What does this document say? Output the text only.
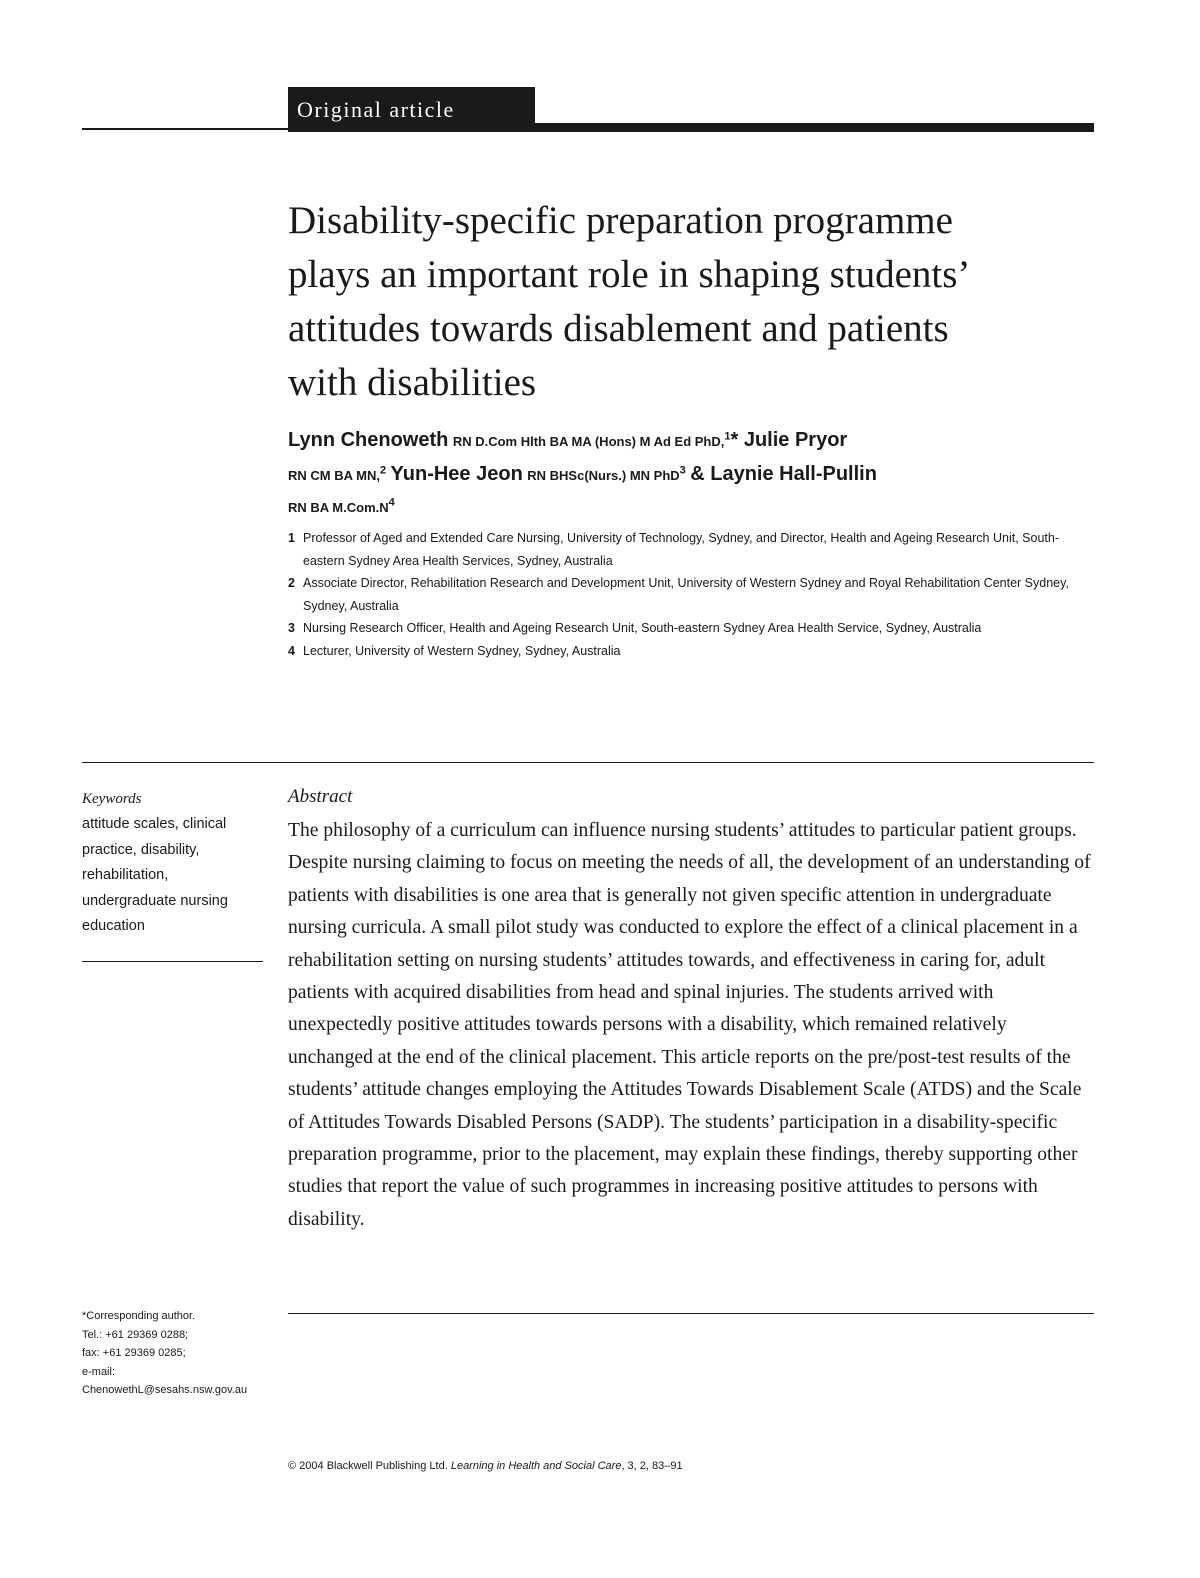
Original article
Disability-specific preparation programme
plays an important role in shaping students’
attitudes towards disablement and patients
with disabilities
Lynn Chenoweth RN D.Com Hlth BA MA (Hons) M Ad Ed PhD,$^1$* Julie Pryor
RN CM BA MN,$^2$ Yun-Hee Jeon RN BHSc(Nurs.) MN PhD$^3$ & Laynie Hall-Pullin
RN BA $M.Com.N^4$
1 Professor of Aged and Extended Care Nursing, University of Technology, Sydney, and Director, Health and Ageing Research Unit, South-eastern Sydney Area Health Services, Sydney, Australia
2 Associate Director, Rehabilitation Research and Development Unit, University of Western Sydney and Royal Rehabilitation Center Sydney, Sydney, Australia
3 Nursing Research Officer, Health and Ageing Research Unit, South-eastern Sydney Area Health Service, Sydney, Australia
4 Lecturer, University of Western Sydney, Sydney, Australia
Keywords
attitude scales, clinical
practice, disability,
rehabilitation,
undergraduate nursing
education
Abstract

The philosophy of a curriculum can influence nursing students’ attitudes to particular patient groups. Despite nursing claiming to focus on meeting the needs of all, the development of an understanding of patients with disabilities is one area that is generally not given specific attention in undergraduate nursing curricula. A small pilot study was conducted to explore the effect of a clinical placement in a rehabilitation setting on nursing students’ attitudes towards, and effectiveness in caring for, adult patients with acquired disabilities from head and spinal injuries. The students arrived with unexpectedly positive attitudes towards persons with a disability, which remained relatively unchanged at the end of the clinical placement. This article reports on the pre/post-test results of the students’ attitude changes employing the Attitudes Towards Disablement Scale (ATDS) and the Scale of Attitudes Towards Disabled Persons (SADP). The students’ participation in a disability-specific preparation programme, prior to the placement, may explain these findings, thereby supporting other studies that report the value of such programmes in increasing positive attitudes to persons with disability.

*Corresponding author.
Tel.: +61 29369 0288;
fax: +61 29369 0285;
e-mail:
ChenowethL@sesahs.nsw.gov.au
© 2004 Blackwell Publishing Ltd. Learning in Health and Social Care, 3, 2, 83–91
